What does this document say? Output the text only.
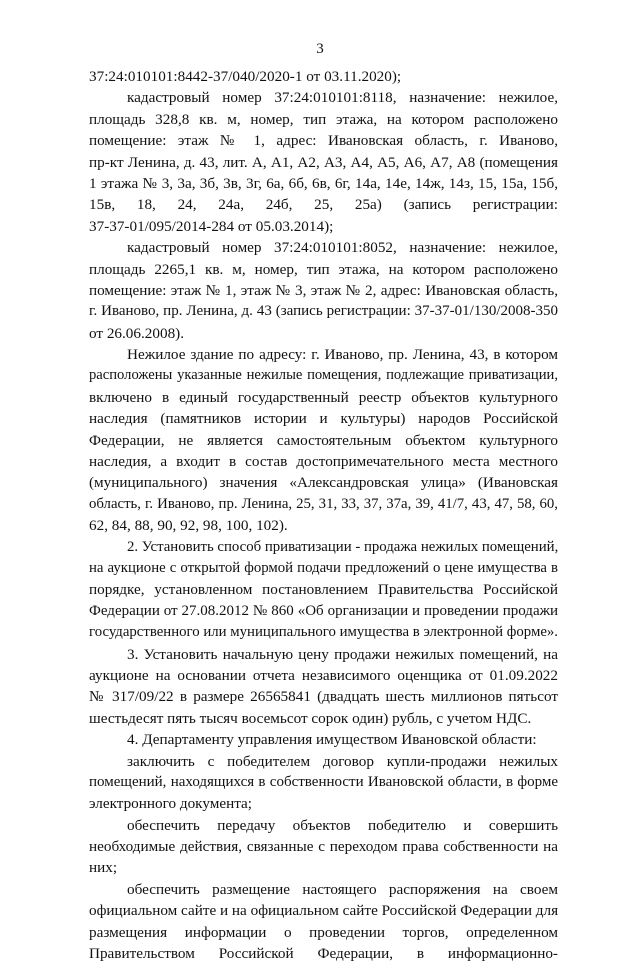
3
37:24:010101:8442-37/040/2020-1 от 03.11.2020);
кадастровый номер 37:24:010101:8118, назначение: нежилое,
площадь 328,8 кв. м, номер, тип этажа, на котором расположено
помещение: этаж № 1, адрес: Ивановская область, г. Иваново,
пр-кт Ленина, д. 43, лит. А, А1, А2, А3, А4, А5, А6, А7, А8 (помещения
1 этажа № 3, 3а, 3б, 3в, 3г, 6а, 6б, 6в, 6г, 14а, 14е, 14ж, 14з, 15, 15а, 15б,
15в, 18, 24, 24а, 24б, 25, 25а) (запись регистрации:
37-37-01/095/2014-284 от 05.03.2014);
кадастровый номер 37:24:010101:8052, назначение: нежилое,
площадь 2265,1 кв. м, номер, тип этажа, на котором расположено
помещение: этаж № 1, этаж № 3, этаж № 2, адрес: Ивановская область,
г. Иваново, пр. Ленина, д. 43 (запись регистрации: 37-37-01/130/2008-350
от 26.06.2008).
Нежилое здание по адресу: г. Иваново, пр. Ленина, 43, в котором
расположены указанные нежилые помещения, подлежащие приватизации,
включено в единый государственный реестр объектов культурного
наследия (памятников истории и культуры) народов Российской
Федерации, не является самостоятельным объектом культурного
наследия, а входит в состав достопримечательного места местного
(муниципального) значения «Александровская улица» (Ивановская
область, г. Иваново, пр. Ленина, 25, 31, 33, 37, 37а, 39, 41/7, 43, 47, 58, 60,
62, 84, 88, 90, 92, 98, 100, 102).
2. Установить способ приватизации - продажа нежилых помещений,
на аукционе с открытой формой подачи предложений о цене имущества в
порядке, установленном постановлением Правительства Российской
Федерации от 27.08.2012 № 860 «Об организации и проведении продажи
государственного или муниципального имущества в электронной форме».
3. Установить начальную цену продажи нежилых помещений, на
аукционе на основании отчета независимого оценщика от 01.09.2022
№ 317/09/22 в размере 26565841 (двадцать шесть миллионов пятьсот
шестьдесят пять тысяч восемьсот сорок один) рубль, с учетом НДС.
4. Департаменту управления имуществом Ивановской области:
заключить с победителем договор купли-продажи нежилых
помещений, находящихся в собственности Ивановской области, в форме
электронного документа;
обеспечить передачу объектов победителю и совершить
необходимые действия, связанные с переходом права собственности на
них;
обеспечить размещение настоящего распоряжения на своем
официальном сайте и на официальном сайте Российской Федерации для
размещения информации о проведении торгов, определенном
Правительством Российской Федерации, в информационно-
